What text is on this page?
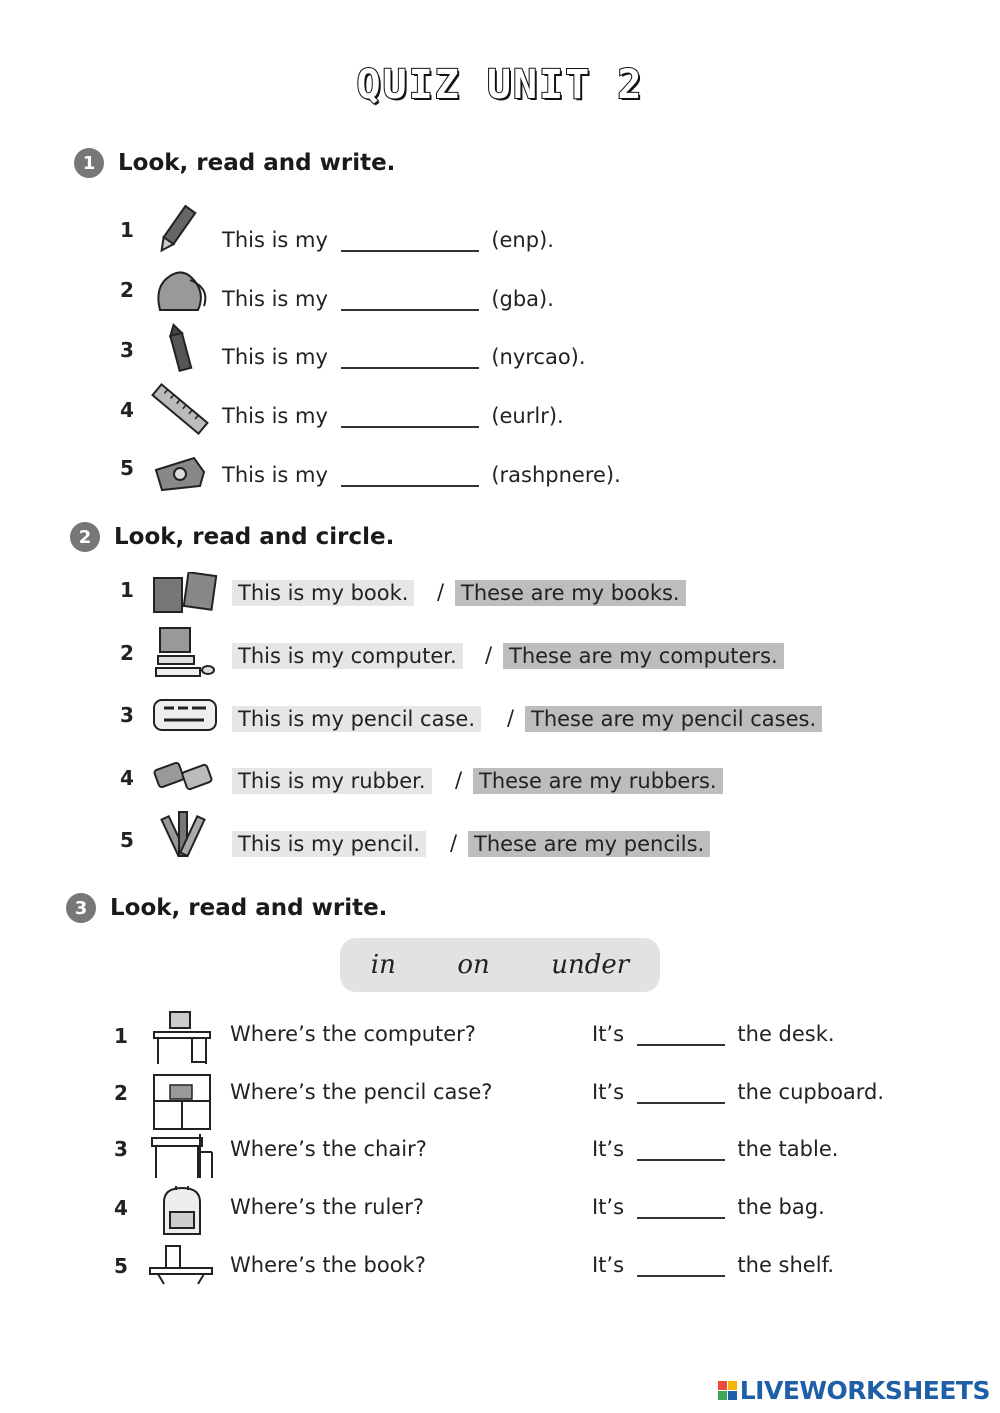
QUIZ UNIT 2
1 Look, read and write.
1	This is my	(enp).
2	This is my	(gba).
3	This is my	(nyrcao).
4	This is my	(eurlr).
5	This is my	(rashpnere).
2 Look, read and circle.
1	This is my book. / These are my books.
2	This is my computer. / These are my computers.
3	This is my pencil case. / These are my pencil cases.
4	This is my rubber. / These are my rubbers.
5	This is my pencil. / These are my pencils.
3 Look, read and write.
in on under
1	Where’s the computer?	It’s	the desk.
2	Where’s the pencil case?	It’s	the cupboard.
3	Where’s the chair?	It’s	the table.
4	Where’s the ruler?	It’s	the bag.
5	Where’s the book?	It’s	the shelf.
LIVEWORKSHEETS
